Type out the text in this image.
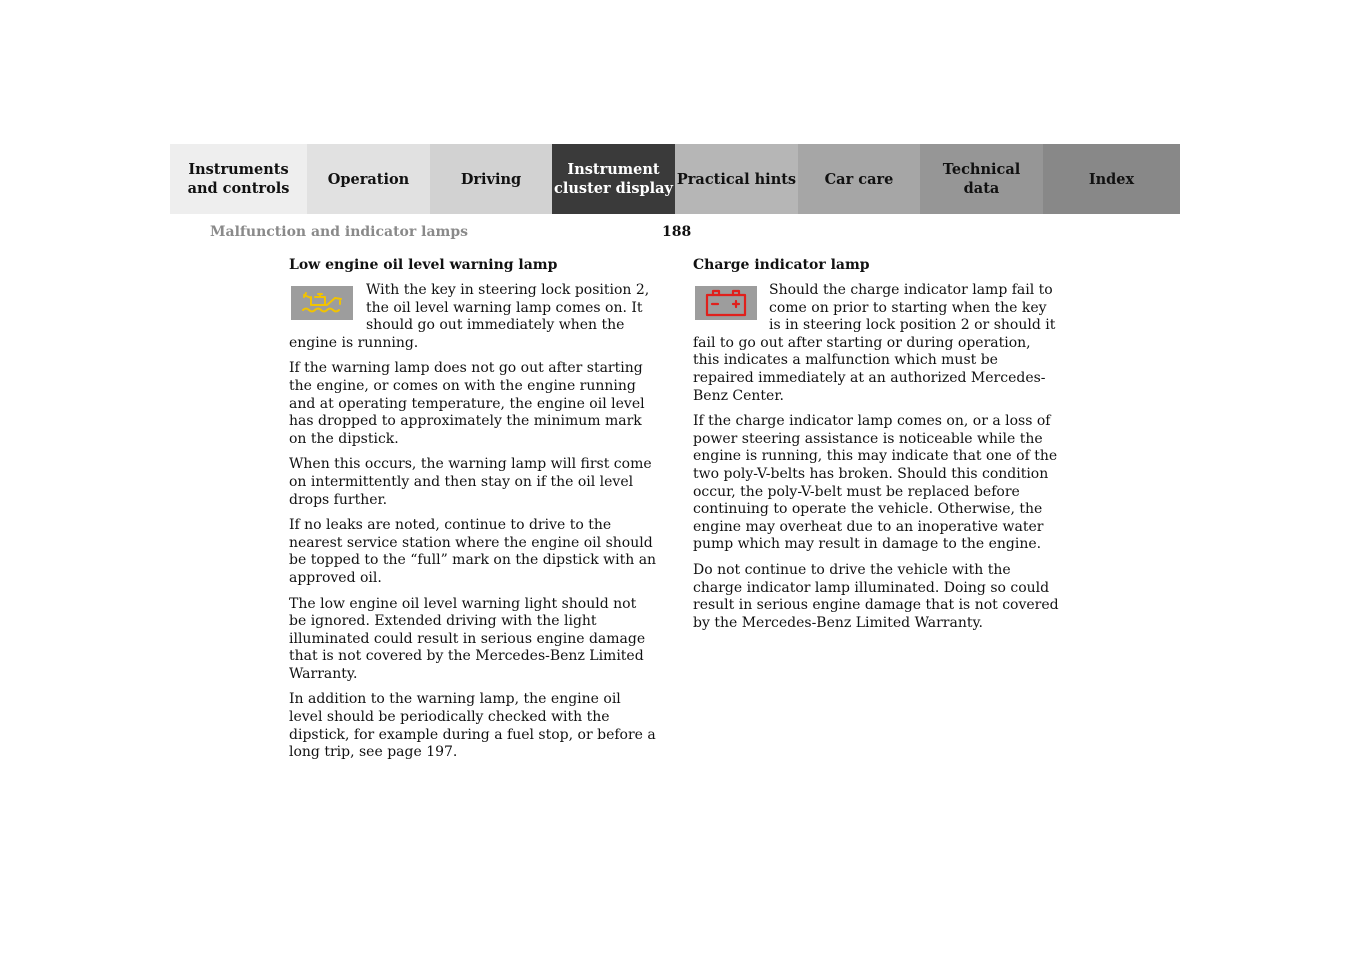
Instruments
and controls
Operation	Driving
Instrument
cluster display
Practical hints	Car care
Technical
data
Index
Malfunction and indicator lamps	188
Low engine oil level warning lamp

With the key in steering lock position 2, the oil level warning lamp comes on. It should go out immediately when the engine is running.

If the warning lamp does not go out after starting the engine, or comes on with the engine running and at operating temperature, the engine oil level has dropped to approximately the minimum mark on the dipstick.

When this occurs, the warning lamp will first come on intermittently and then stay on if the oil level drops further.

If no leaks are noted, continue to drive to the nearest service station where the engine oil should be topped to the “full” mark on the dipstick with an approved oil.

The low engine oil level warning light should not be ignored. Extended driving with the light illuminated could result in serious engine damage that is not covered by the Mercedes-Benz Limited Warranty.

In addition to the warning lamp, the engine oil level should be periodically checked with the dipstick, for example during a fuel stop, or before a long trip, see page 197.

Charge indicator lamp

Should the charge indicator lamp fail to come on prior to starting when the key is in steering lock position 2 or should it fail to go out after starting or during operation, this indicates a malfunction which must be repaired immediately at an authorized Mercedes-Benz Center.

If the charge indicator lamp comes on, or a loss of power steering assistance is noticeable while the engine is running, this may indicate that one of the two poly-V-belts has broken. Should this condition occur, the poly-V-belt must be replaced before continuing to operate the vehicle. Otherwise, the engine may overheat due to an inoperative water pump which may result in damage to the engine.

Do not continue to drive the vehicle with the charge indicator lamp illuminated. Doing so could result in serious engine damage that is not covered by the Mercedes-Benz Limited Warranty.
